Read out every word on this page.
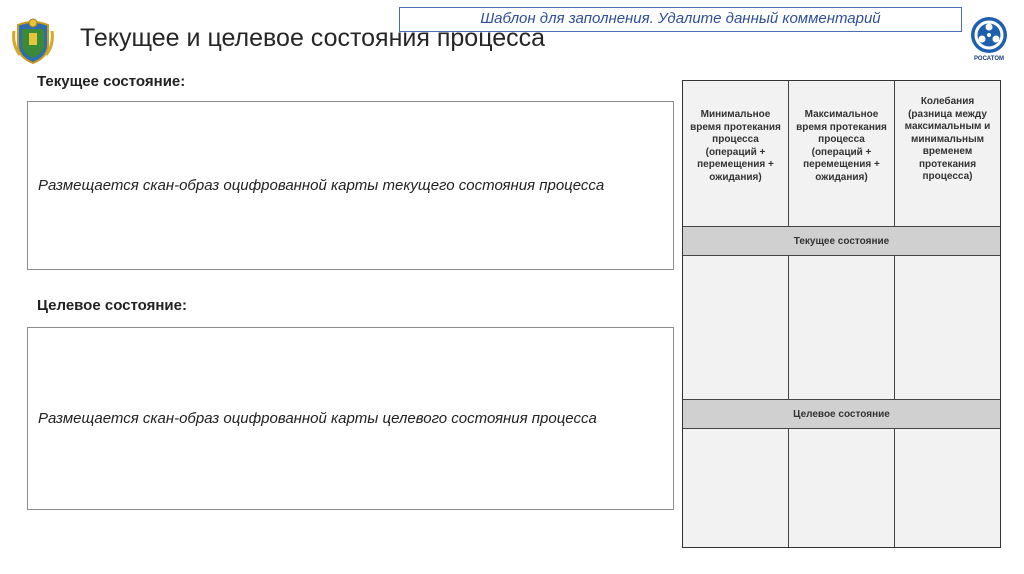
Текущее и целевое состояния процесса
Шаблон для заполнения. Удалите данный комментарий
РОСАТОМ
Текущее состояние:
Размещается скан-образ оцифрованной карты текущего состояния процесса
Целевое состояние:
Размещается скан-образ оцифрованной карты целевого состояния процесса
Минимальное время протекания процесса (операций + перемещения + ожидания)
Максимальное время протекания процесса (операций + перемещения + ожидания)
Колебания (разница между максимальным и минимальным временем протекания процесса)
Текущее состояние
Целевое состояние
